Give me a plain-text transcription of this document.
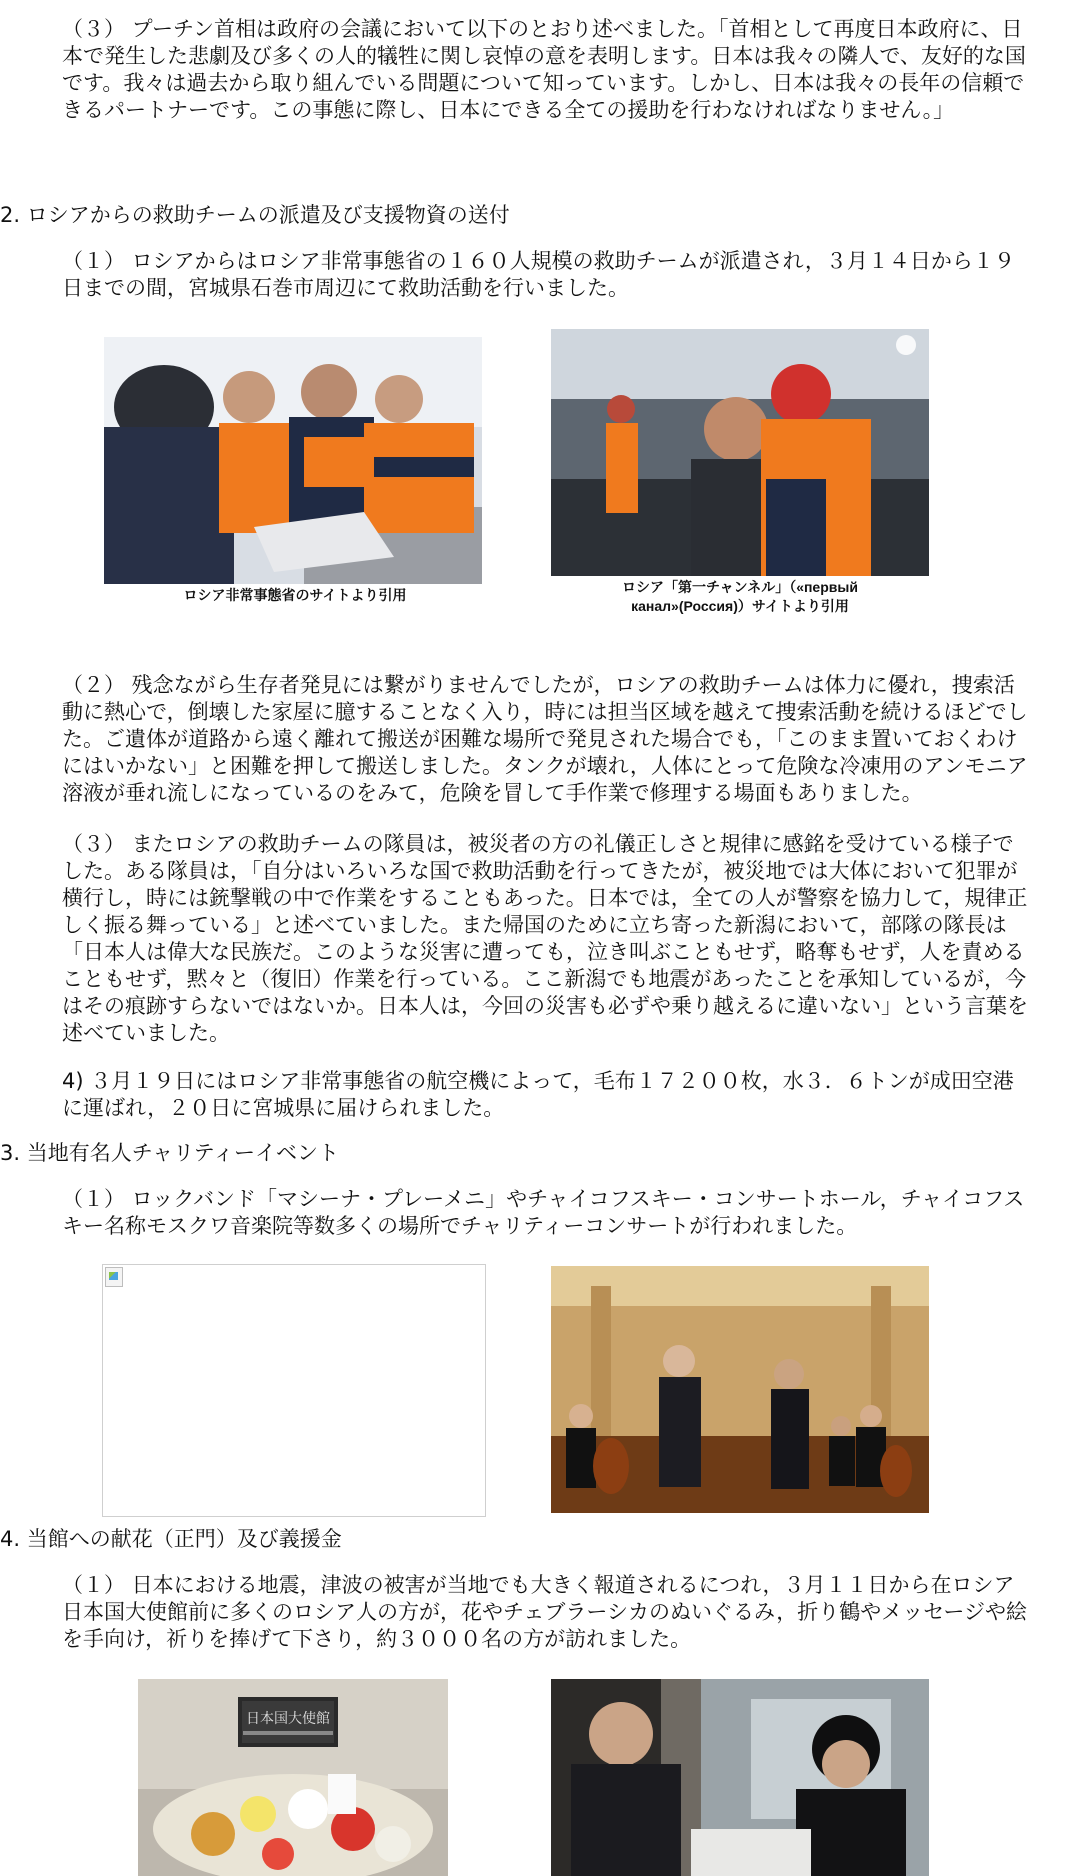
（３） プーチン首相は政府の会議において以下のとおり述べました。「首相として再度日本政府に、日本で発生した悲劇及び多くの人的犠牲に関し哀悼の意を表明します。日本は我々の隣人で、友好的な国です。我々は過去から取り組んでいる問題について知っています。しかし、日本は我々の長年の信頼できるパートナーです。この事態に際し、日本にできる全ての援助を行わなければなりません。」

2. ロシアからの救助チームの派遣及び支援物資の送付

（１） ロシアからはロシア非常事態省の１６０人規模の救助チームが派遣され，３月１４日から１９日までの間，宮城県石巻市周辺にて救助活動を行いました。

ロシア非常事態省のサイトより引用	ロシア「第一チャンネル」（«первый канал»(Россия)）サイトより引用

（２） 残念ながら生存者発見には繋がりませんでしたが，ロシアの救助チームは体力に優れ，捜索活動に熱心で，倒壊した家屋に臆することなく入り，時には担当区域を越えて捜索活動を続けるほどでした。ご遺体が道路から遠く離れて搬送が困難な場所で発見された場合でも，「このまま置いておくわけにはいかない」と困難を押して搬送しました。タンクが壊れ，人体にとって危険な冷凍用のアンモニア溶液が垂れ流しになっているのをみて，危険を冒して手作業で修理する場面もありました。

（３） またロシアの救助チームの隊員は，被災者の方の礼儀正しさと規律に感銘を受けている様子でした。ある隊員は，「自分はいろいろな国で救助活動を行ってきたが，被災地では大体において犯罪が横行し，時には銃撃戦の中で作業をすることもあった。日本では，全ての人が警察を協力して，規律正しく振る舞っている」と述べていました。また帰国のために立ち寄った新潟において，部隊の隊長は「日本人は偉大な民族だ。このような災害に遭っても，泣き叫ぶこともせず，略奪もせず，人を責めることもせず，黙々と（復旧）作業を行っている。ここ新潟でも地震があったことを承知しているが，今はその痕跡すらないではないか。日本人は，今回の災害も必ずや乗り越えるに違いない」という言葉を述べていました。

4) ３月１９日にはロシア非常事態省の航空機によって，毛布１７２００枚，水３．６トンが成田空港に運ばれ，２０日に宮城県に届けられました。

3. 当地有名人チャリティーイベント

（１） ロックバンド「マシーナ・プレーメニ」やチャイコフスキー・コンサートホール，チャイコフスキー名称モスクワ音楽院等数多くの場所でチャリティーコンサートが行われました。

4. 当館への献花（正門）及び義援金

（１） 日本における地震，津波の被害が当地でも大きく報道されるにつれ，３月１１日から在ロシア日本国大使館前に多くのロシア人の方が，花やチェブラーシカのぬいぐるみ，折り鶴やメッセージや絵を手向け，祈りを捧げて下さり，約３０００名の方が訪れました。

日本国大使館
